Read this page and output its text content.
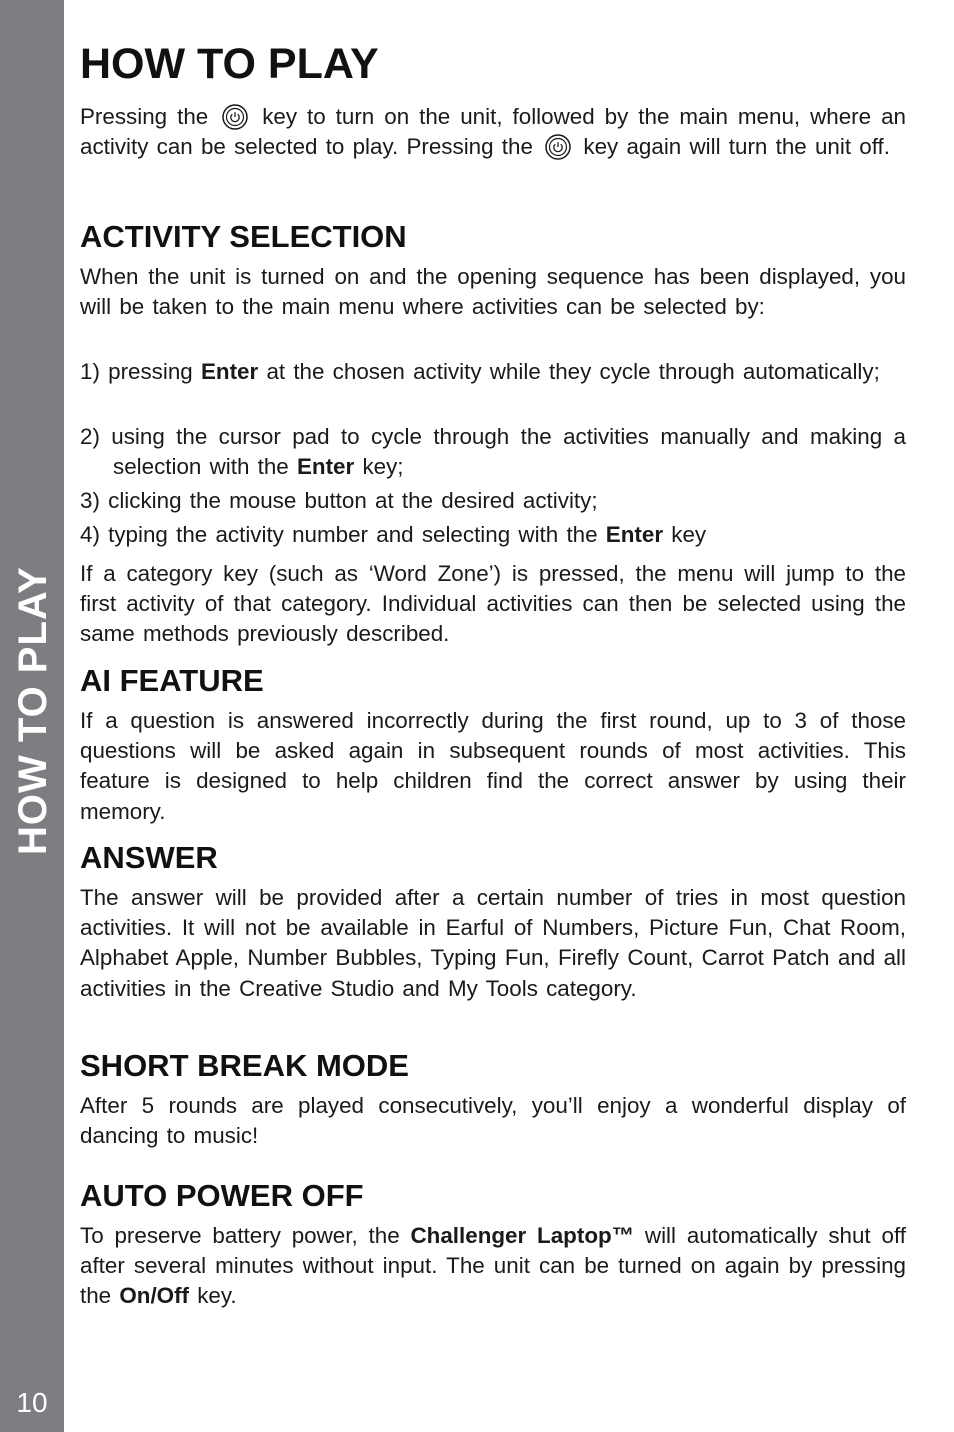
HOW TO PLAY
10
HOW TO PLAY

Pressing the key to turn on the unit, followed by the main menu, where an activity can be selected to play. Pressing the key again will turn the unit off.

ACTIVITY SELECTION

When the unit is turned on and the opening sequence has been displayed, you will be taken to the main menu where activities can be selected by:

1) pressing Enter at the chosen activity while they cycle through automatically;

2) using the cursor pad to cycle through the activities manually and making a selection with the Enter key;

3) clicking the mouse button at the desired activity;

4) typing the activity number and selecting with the Enter key

If a category key (such as ‘Word Zone’) is pressed, the menu will jump to the first activity of that category. Individual activities can then be selected using the same methods previously described.

AI FEATURE

If a question is answered incorrectly during the first round, up to 3 of those questions will be asked again in subsequent rounds of most activities. This feature is designed to help children find the correct answer by using their memory.

ANSWER

The answer will be provided after a certain number of tries in most question activities. It will not be available in Earful of Numbers, Picture Fun, Chat Room, Alphabet Apple, Number Bubbles, Typing Fun, Firefly Count, Carrot Patch and all activities in the Creative Studio and My Tools category.

SHORT BREAK MODE

After 5 rounds are played consecutively, you’ll enjoy a wonderful display of dancing to music!

AUTO POWER OFF

To preserve battery power, the Challenger Laptop™ will automatically shut off after several minutes without input. The unit can be turned on again by pressing the On/Off key.
